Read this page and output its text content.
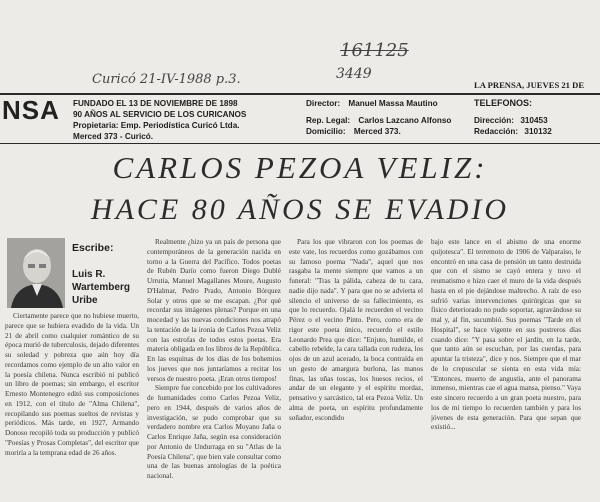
Curicó 21-IV-1988 p.3.
161125
3449
LA PRENSA, JUEVES 21 DE
NSA FUNDADO EL 13 DE NOVIEMBRE DE 1898
90 AÑOS AL SERVICIO DE LOS CURICANOS
Propietaria: Emp. Periodística Curicó Ltda.
Merced 373 - Curicó.
Director: Manuel Massa Mautino
Rep. Legal: Carlos Lazcano Alfonso
Domicilio: Merced 373.
TELEFONOS:
Dirección: 310453
Redacción: 310132
CARLOS PEZOA VELIZ:
HACE 80 AÑOS SE EVADIO
Escribe:
Luis R.
Wartemberg
Uribe

Ciertamente parece que no hubiese muerto, parece que se hubiera evadido de la vida. Un 21 de abril como cualquier romántico de su época murió de tuberculosis, dejado diferentes su soledad y pobreza que aún hoy día recordamos como ejemplo de un alto valor en la poesía chilena. Nunca escribió ni publicó un libro de poemas; sin embargo, el escritor Ernesto Montenegro editó sus composiciones en 1912, con el título de "Alma Chilena", recopilando sus poemas sueltos de revistas y periódicos. Más tarde, en 1927, Armando Donoso recopiló toda su producción y publicó "Poesías y Prosas Completas", del escritor que moriría a la temprana edad de 26 años.

Realmente ¿hizo ya un país de persona que contemporáneos de la generación nacida en torno a la Guerra del Pacífico. Todos poetas de Rubén Darío como fueron Diego Dublé Urrutia, Manuel Magallanes Moure, Augusto D'Halmar, Pedro Prado, Antonio Bórquez Solar y otros que se me escapan. ¿Por qué recordar sus imágenes plenas? Porque en una mocedad y las nuevas condiciones nos atrapó la tentación de la ironía de Carlos Pezoa Veliz con las estrofas de todos estos poetas. Era materia obligada en los libros de la República. En las esquinas de los días de los bohemios los jueves que nos juntaríamos a recitar los versos de nuestro poeta. ¡Eran otros tiempos!

Siempre fue concebido por los cultivadores de humanidades como Carlos Pezoa Veliz, pero en 1944, después de varios años de investigación, se pudo comprobar que su verdadero nombre era Carlos Moyano Jaña o Carlos Enrique Jaña, según esa consideración por Antonio de Undurraga en su "Atlas de la Poesía Chilena", que bien vale consultar como una de las buenas antologías de la poética nacional.

Para los que vibraron con los poemas de este vate, los recuerdos como gozábamos con su famoso poema "Nada", aquel que nos rasgaba la mente siempre que vamos a un funeral: "Tras la pálida, cabeza de tu cara, nadie dijo nada". Y para que no se advierta el silencio el universo de su fallecimiento, es que lo recuerdo. Ojalá le recuerden el vecino Pérez o el vecino Pinto. Pero, como era de rigor este poeta único, recuerdo el estilo Leonardo Prea que dice: "Enjuto, humilde, el cabello rebelde, la cara tallada con rudeza, los ojos de un azul acerado, la boca contraída en un gesto de amargura burlona, las manos finas, las uñas toscas, los huesos recios, el andar de un elegante y el espíritu mordaz, pensativo y sarcástico, tal era Pezoa Veliz. Un alma de poeta, un espíritu profundamente soñador, escondido

bajo este lance en el abismo de una enorme quijotesca". El terremoto de 1906 de Valparaíso, le encontró en una casa de pensión un tanto destruida que con el sismo se cayó entera y tuvo el reumatismo e hizo caer el muro de la vida después hasta en el pie dejándose maltrecho. A raíz de eso sufrió varias intervenciones quirúrgicas que su físico deteriorado no pudo soportar, agravándose su mal y, al fin, sucumbió. Sus poemas "Tarde en el Hospital", se hace vigente en sus postreros días cuando dice: "Y pasa sobre el jardín, en la tarde, que tanto aún se escuchan, por las cuerdas, para apuntar la tristeza", dice y nos. Siempre que el mar de lo crepuscular se sienta en esta vida mía: "Entonces, muerto de angustia, ante el panorama inmenso, mientras cae el agua mansa, pienso." Vaya este sincero recuerdo a un gran poeta nuestro, para los de mi tiempo lo recuerden también y para los jóvenes de esta generación. Para que sepan que existió...
